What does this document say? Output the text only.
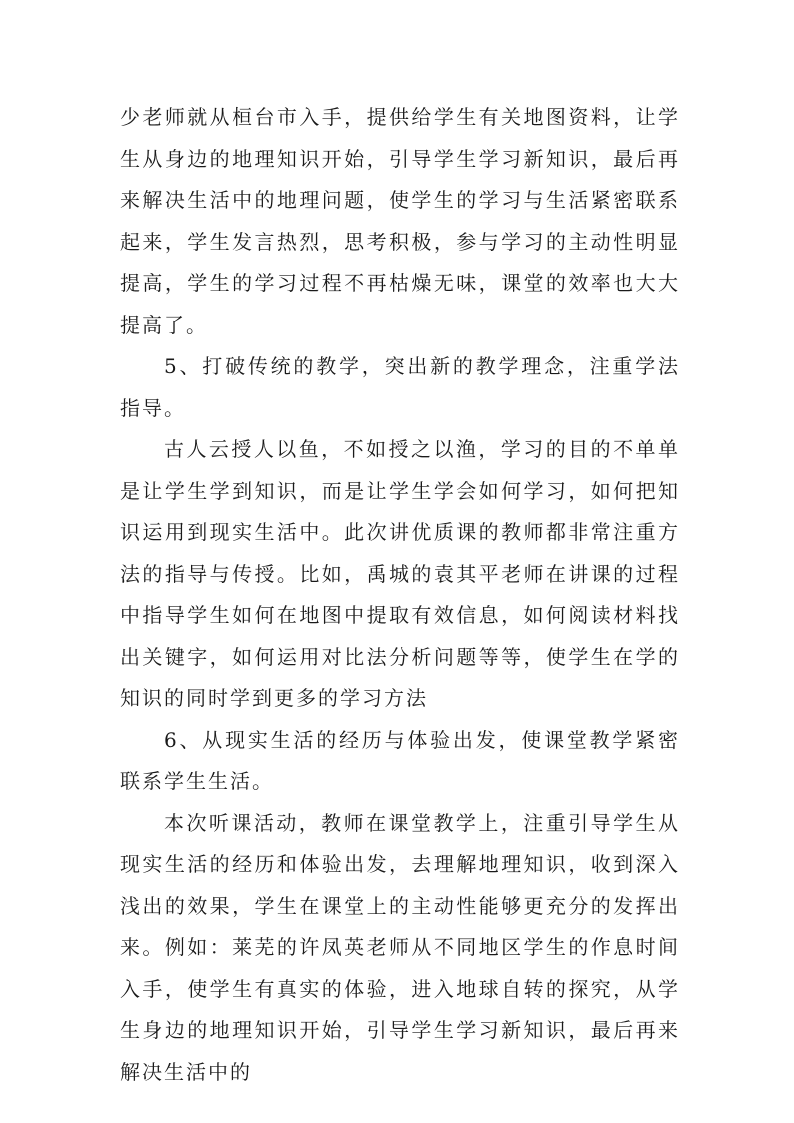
少老师就从桓台市入手，提供给学生有关地图资料，让学生从身边的地理知识开始，引导学生学习新知识，最后再来解决生活中的地理问题，使学生的学习与生活紧密联系起来，学生发言热烈，思考积极，参与学习的主动性明显提高，学生的学习过程不再枯燥无味，课堂的效率也大大提高了。

5、打破传统的教学，突出新的教学理念，注重学法指导。

古人云授人以鱼，不如授之以渔，学习的目的不单单是让学生学到知识，而是让学生学会如何学习，如何把知识运用到现实生活中。此次讲优质课的教师都非常注重方法的指导与传授。比如，禹城的袁其平老师在讲课的过程中指导学生如何在地图中提取有效信息，如何阅读材料找出关键字，如何运用对比法分析问题等等，使学生在学的知识的同时学到更多的学习方法

6、从现实生活的经历与体验出发，使课堂教学紧密联系学生生活。

本次听课活动，教师在课堂教学上，注重引导学生从现实生活的经历和体验出发，去理解地理知识，收到深入浅出的效果，学生在课堂上的主动性能够更充分的发挥出来。例如：莱芜的许凤英老师从不同地区学生的作息时间入手，使学生有真实的体验，进入地球自转的探究，从学生身边的地理知识开始，引导学生学习新知识，最后再来解决生活中的
